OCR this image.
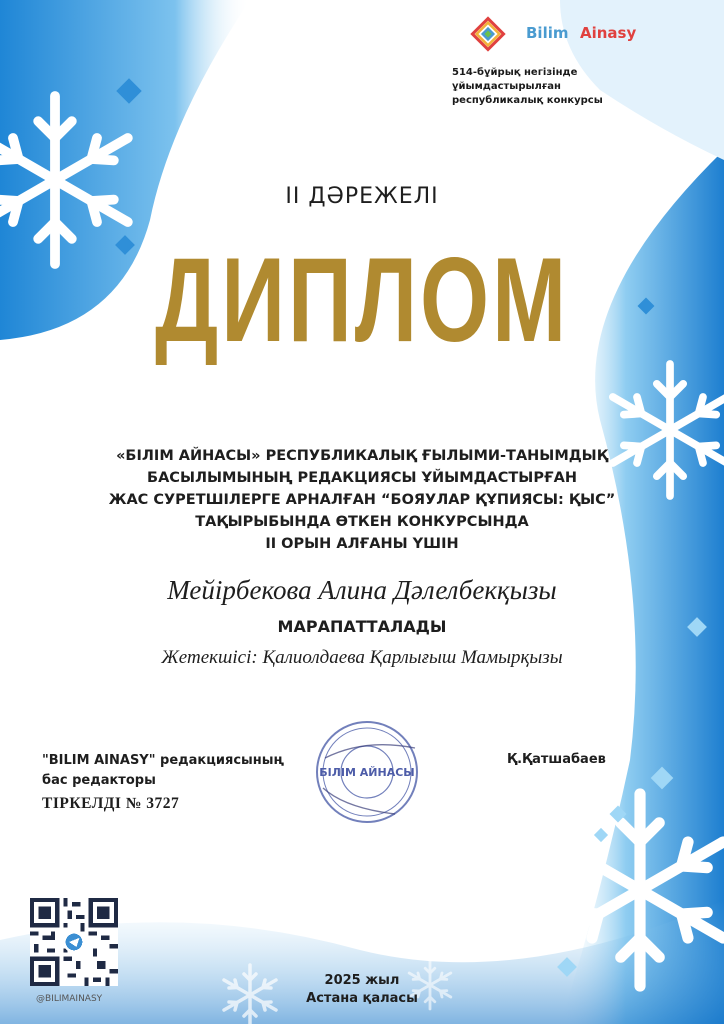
Bilim Ainasy
514-бұйрық негізінде ұйымдастырылған
республикалық конкурсы
ІІ ДӘРЕЖЕЛІ
ДИПЛОМ
«БІЛІМ АЙНАСЫ» РЕСПУБЛИКАЛЫҚ ҒЫЛЫМИ-ТАНЫМДЫҚ
БАСЫЛЫМЫНЫҢ РЕДАКЦИЯСЫ ҰЙЫМДАСТЫРҒАН
ЖАС СУРЕТШІЛЕРГЕ АРНАЛҒАН “БОЯУЛАР ҚҰПИЯСЫ: ҚЫС”
ТАҚЫРЫБЫНДА ӨТКЕН КОНКУРСЫНДА
ІІ ОРЫН АЛҒАНЫ ҮШІН
Мейірбекова Алина Дәлелбекқызы
МАРАПАТТАЛАДЫ
Жетекшісі: Қалиолдаева Қарлығыш Мамырқызы
"BILIM AINASY" редакциясының
бас редакторы
ТІРКЕЛДІ № 3727
Қ.Қатшабаев
БІЛІМ АЙНАСЫ
@BILIMAINASY
2025 жыл
Астана қаласы
